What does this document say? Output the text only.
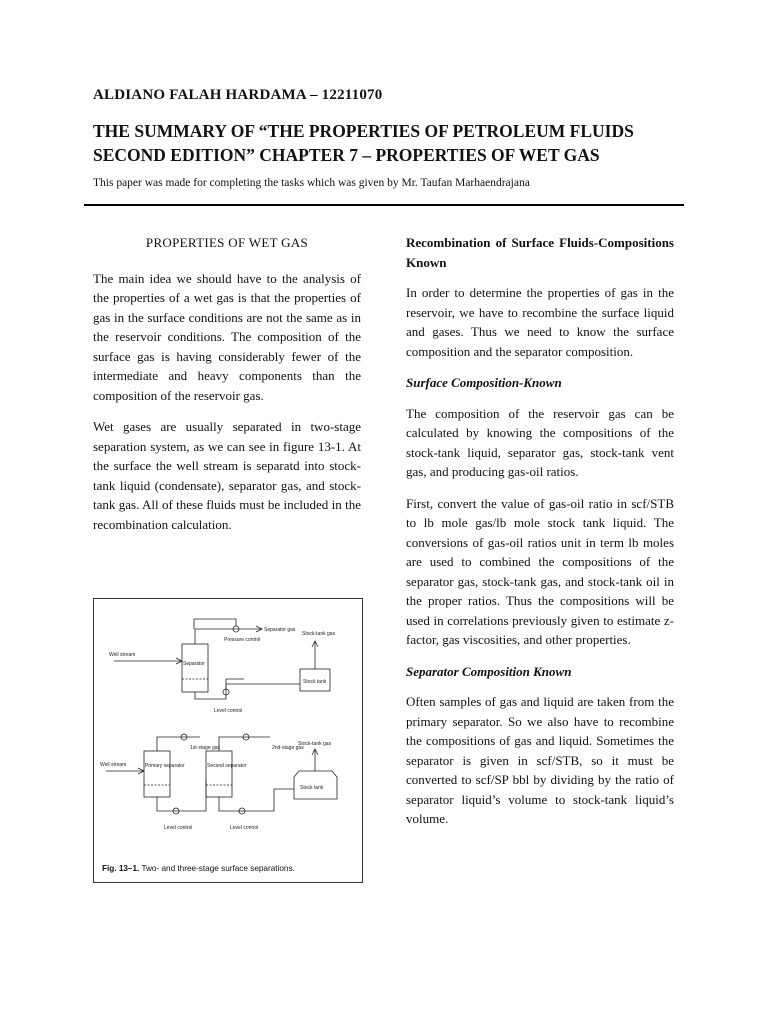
ALDIANO FALAH HARDAMA – 12211070
THE SUMMARY OF “THE PROPERTIES OF PETROLEUM FLUIDS
SECOND EDITION” CHAPTER 7 – PROPERTIES OF WET GAS
This paper was made for completing the tasks which was given by Mr. Taufan Marhaendrajana
PROPERTIES OF WET GAS

The main idea we should have to the analysis of the properties of a wet gas is that the properties of gas in the surface conditions are not the same as in the reservoir conditions. The composition of the surface gas is having considerably fewer of the intermediate and heavy components than the composition of the reservoir gas.

Wet gases are usually separated in two-stage separation system, as we can see in figure 13-1. At the surface the well stream is separatd into stock-tank liquid (condensate), separator gas, and stock-tank gas. All of these fluids must be included in the recombination calculation.

Well stream
Separator
Separator gas
Pressure control
Stock-tank gas
Stock tank
Level control
Well stream	Primary separator	Second separator
1st-stage gas	2nd-stage gas
Stock-tank gas
Stock tank
Level control	Level control
Fig. 13–1. Two- and three-stage surface separations.
Recombination of Surface Fluids-Compositions Known

In order to determine the properties of gas in the reservoir, we have to recombine the surface liquid and gases. Thus we need to know the surface composition and the separator composition.

Surface Composition-Known

The composition of the reservoir gas can be calculated by knowing the compositions of the stock-tank liquid, separator gas, stock-tank vent gas, and producing gas-oil ratios.

First, convert the value of gas-oil ratio in scf/STB to lb mole gas/lb mole stock tank liquid. The conversions of gas-oil ratios unit in term lb moles are used to combined the compositions of the separator gas, stock-tank gas, and stock-tank oil in the proper ratios. Thus the compositions will be used in correlations previously given to estimate z-factor, gas viscosities, and other properties.

Separator Composition Known

Often samples of gas and liquid are taken from the primary separator. So we also have to recombine the compositions of gas and liquid. Sometimes the separator is given in scf/STB, so it must be converted to scf/SP bbl by dividing by the ratio of separator liquid’s volume to stock-tank liquid’s volume.
